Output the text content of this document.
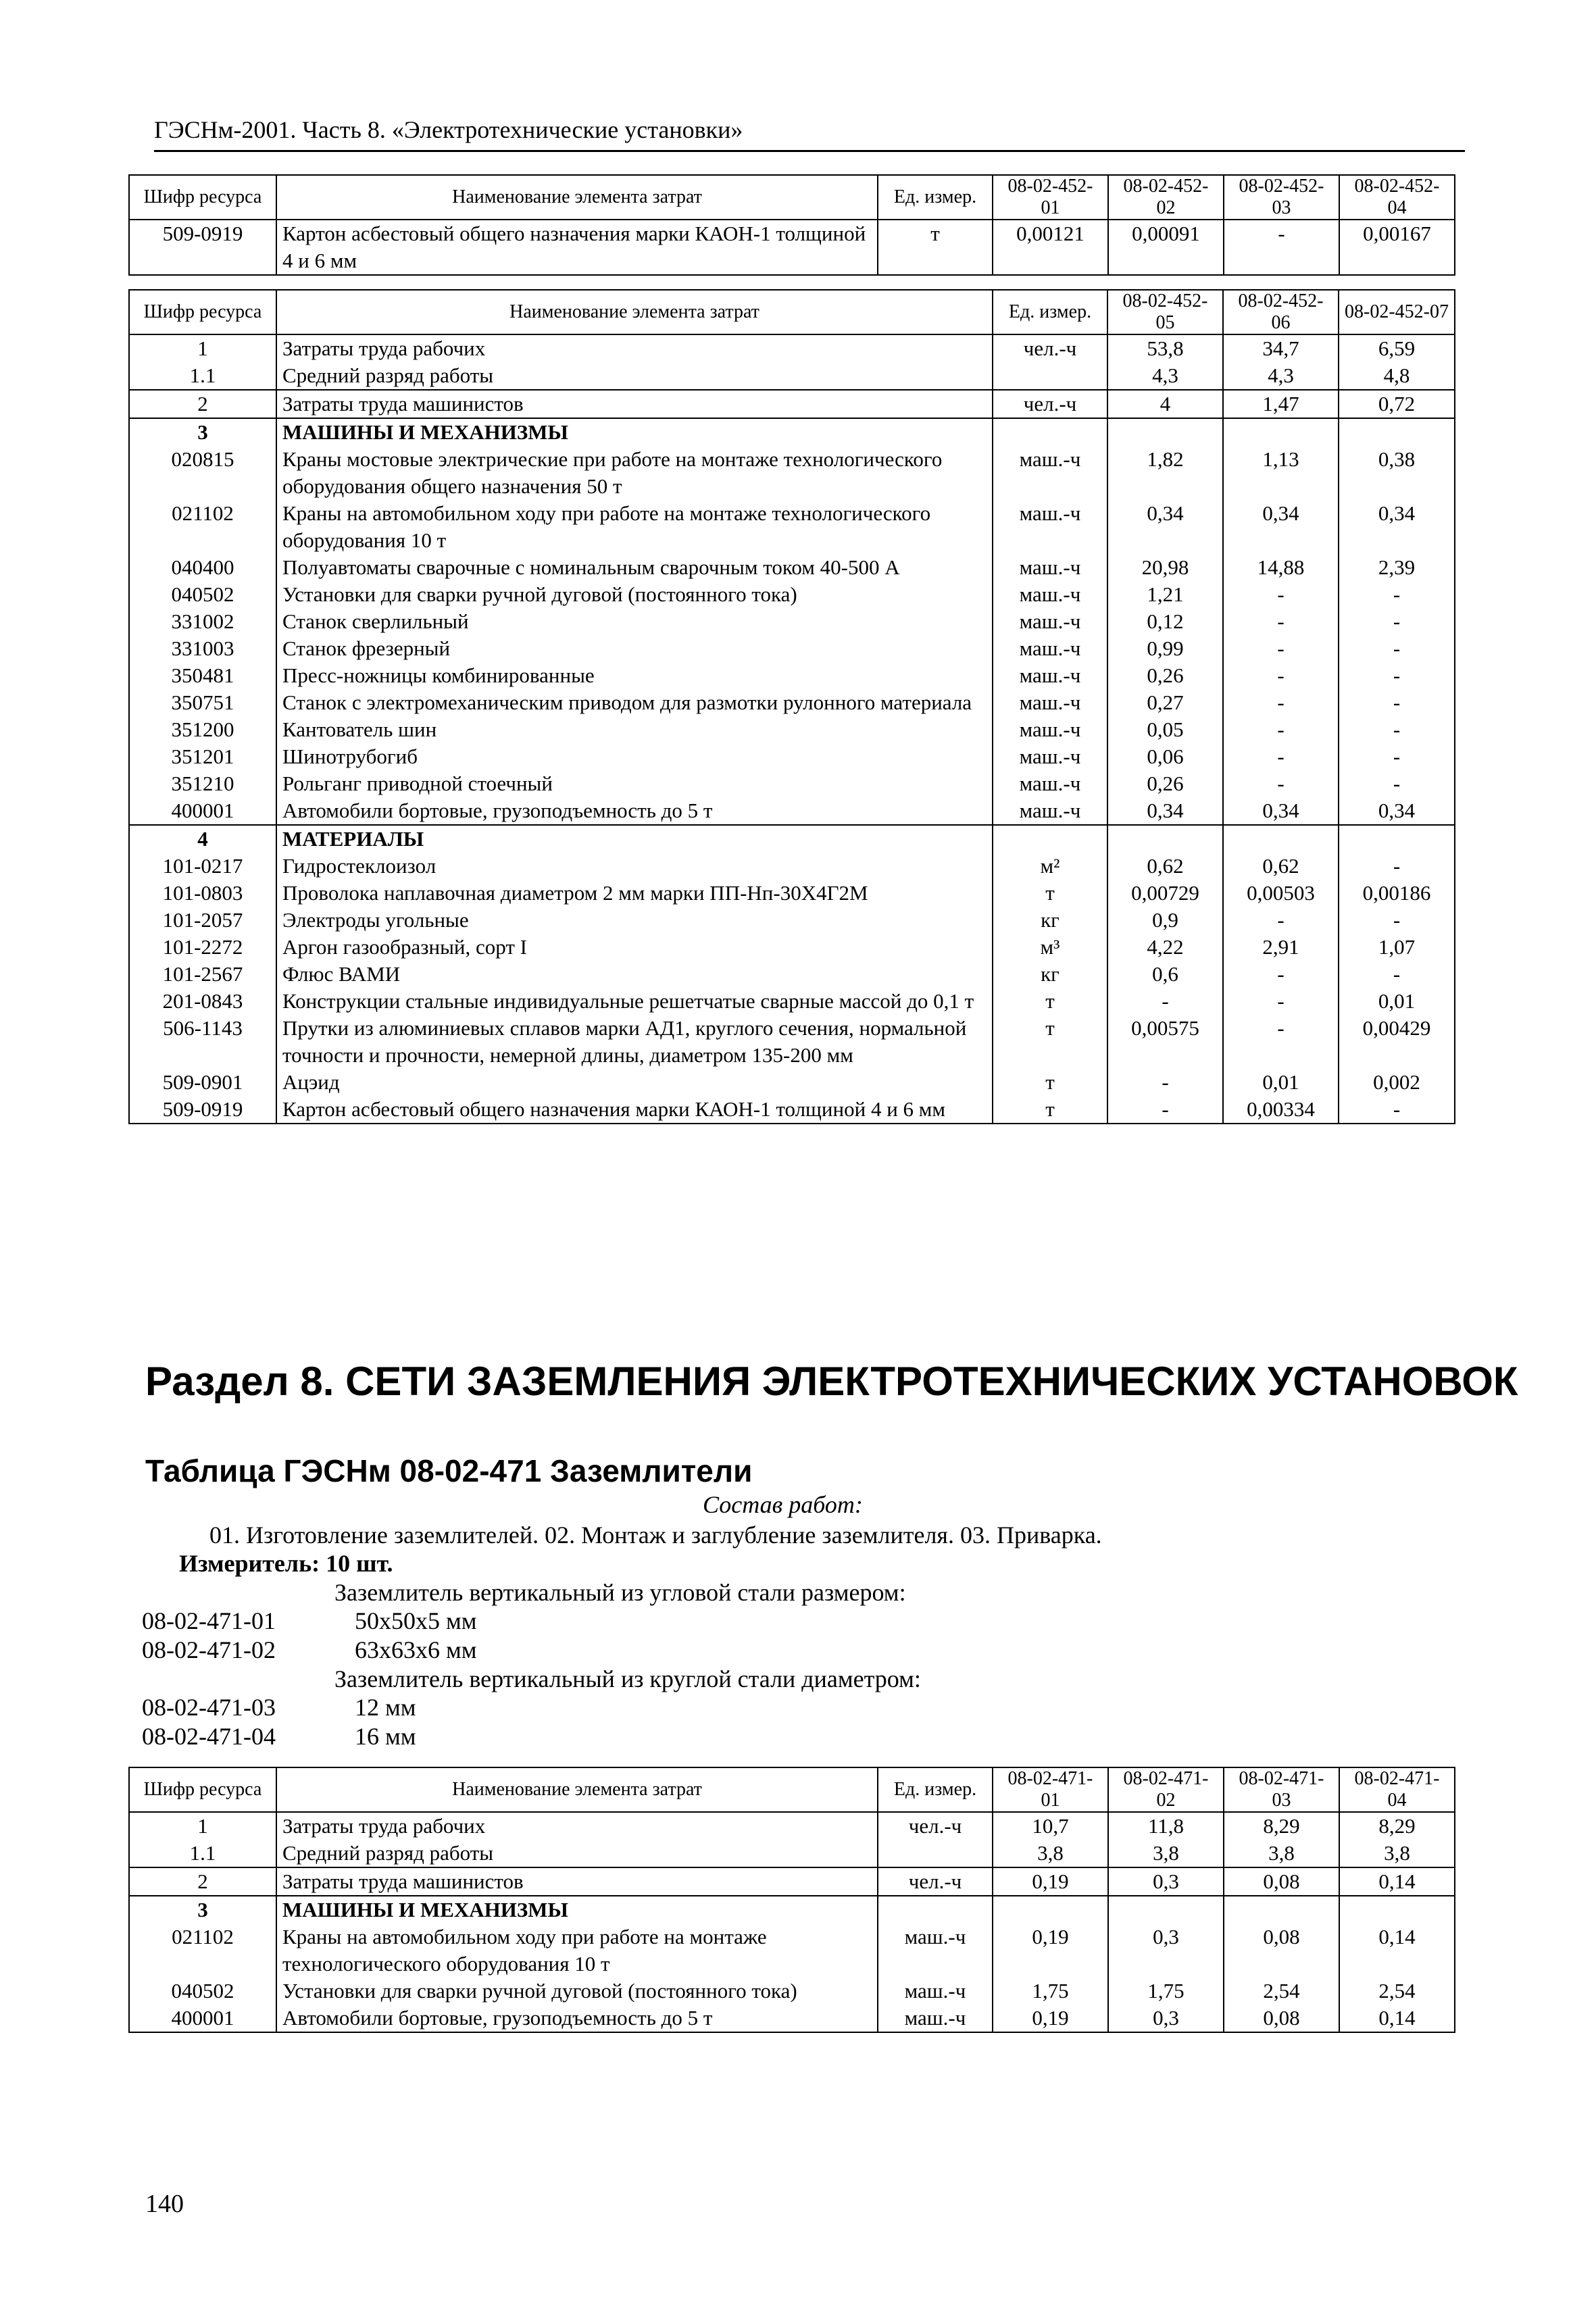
ГЭСНм-2001. Часть 8. «Электротехнические установки»
Шифр ресурса	Наименование элемента затрат	Ед. измер.	08-02-452-01	08-02-452-02	08-02-452-03	08-02-452-04
509-0919	Картон асбестовый общего назначения марки КАОН-1 толщиной 4 и 6 мм	т	0,00121	0,00091	-	0,00167
Шифр ресурса	Наименование элемента затрат	Ед. измер.	08-02-452-05	08-02-452-06	08-02-452-07
1	Затраты труда рабочих	чел.-ч	53,8	34,7	6,59
1.1	Средний разряд работы		4,3	4,3	4,8
2	Затраты труда машинистов	чел.-ч	4	1,47	0,72
3	МАШИНЫ И МЕХАНИЗМЫ				
020815	Краны мостовые электрические при работе на монтаже технологического оборудования общего назначения 50 т	маш.-ч	1,82	1,13	0,38
021102	Краны на автомобильном ходу при работе на монтаже технологического оборудования 10 т	маш.-ч	0,34	0,34	0,34
040400	Полуавтоматы сварочные с номинальным сварочным током 40-500 А	маш.-ч	20,98	14,88	2,39
040502	Установки для сварки ручной дуговой (постоянного тока)	маш.-ч	1,21	-	-
331002	Станок сверлильный	маш.-ч	0,12	-	-
331003	Станок фрезерный	маш.-ч	0,99	-	-
350481	Пресс-ножницы комбинированные	маш.-ч	0,26	-	-
350751	Станок с электромеханическим приводом для размотки рулонного материала	маш.-ч	0,27	-	-
351200	Кантователь шин	маш.-ч	0,05	-	-
351201	Шинотрубогиб	маш.-ч	0,06	-	-
351210	Рольганг приводной стоечный	маш.-ч	0,26	-	-
400001	Автомобили бортовые, грузоподъемность до 5 т	маш.-ч	0,34	0,34	0,34
4	МАТЕРИАЛЫ				
101-0217	Гидростеклоизол	м²	0,62	0,62	-
101-0803	Проволока наплавочная диаметром 2 мм марки ПП-Нп-30Х4Г2М	т	0,00729	0,00503	0,00186
101-2057	Электроды угольные	кг	0,9	-	-
101-2272	Аргон газообразный, сорт I	м³	4,22	2,91	1,07
101-2567	Флюс ВАМИ	кг	0,6	-	-
201-0843	Конструкции стальные индивидуальные решетчатые сварные массой до 0,1 т	т	-	-	0,01
506-1143	Прутки из алюминиевых сплавов марки АД1, круглого сечения, нормальной точности и прочности, немерной длины, диаметром 135-200 мм	т	0,00575	-	0,00429
509-0901	Ацэид	т	-	0,01	0,002
509-0919	Картон асбестовый общего назначения марки КАОН-1 толщиной 4 и 6 мм	т	-	0,00334	-
Раздел 8. СЕТИ ЗАЗЕМЛЕНИЯ ЭЛЕКТРОТЕХНИЧЕСКИХ УСТАНОВОК
Таблица ГЭСНм 08-02-471 Заземлители
Состав работ:
01. Изготовление заземлителей. 02. Монтаж и заглубление заземлителя. 03. Приварка.
Измеритель: 10 шт.
Заземлитель вертикальный из угловой стали размером:
08-02-471-01	50х50х5 мм
08-02-471-02	63х63х6 мм
Заземлитель вертикальный из круглой стали диаметром:
08-02-471-03	12 мм
08-02-471-04	16 мм
Шифр ресурса	Наименование элемента затрат	Ед. измер.	08-02-471-01	08-02-471-02	08-02-471-03	08-02-471-04
1	Затраты труда рабочих	чел.-ч	10,7	11,8	8,29	8,29
1.1	Средний разряд работы		3,8	3,8	3,8	3,8
2	Затраты труда машинистов	чел.-ч	0,19	0,3	0,08	0,14
3	МАШИНЫ И МЕХАНИЗМЫ					
021102	Краны на автомобильном ходу при работе на монтаже технологического оборудования 10 т	маш.-ч	0,19	0,3	0,08	0,14
040502	Установки для сварки ручной дуговой (постоянного тока)	маш.-ч	1,75	1,75	2,54	2,54
400001	Автомобили бортовые, грузоподъемность до 5 т	маш.-ч	0,19	0,3	0,08	0,14
140
